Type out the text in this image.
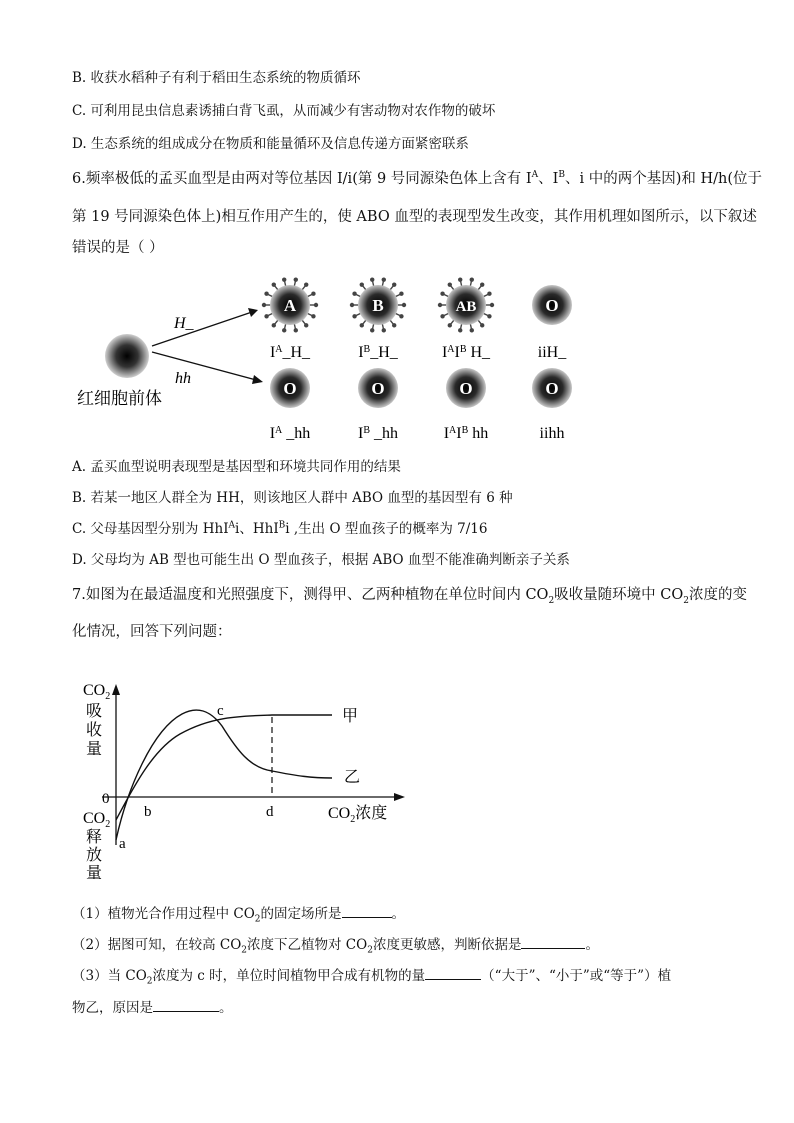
B. 收获水稻种子有利于稻田生态系统的物质循环
C. 可利用昆虫信息素诱捕白背飞虱，从而减少有害动物对农作物的破坏
D. 生态系统的组成成分在物质和能量循环及信息传递方面紧密联系
6.频率极低的孟买血型是由两对等位基因 I/i(第 9 号同源染色体上含有 $I^A$、$I^B$、i 中的两个基因)和 H/h(位于
第 19 号同源染色体上)相互作用产生的，使 ABO 血型的表现型发生改变，其作用机理如图所示，以下叙述
错误的是（ ）
红细胞前体
H_
hh
A
$I^A\_H\_$
B
$I^B\_H\_$
AB
$I^AI^B$ H_
O
iiH_
O
$I^A$ _hh
O
$I^B$ _hh
O
$I^AI^B$ hh
O
iihh
A. 孟买血型说明表现型是基因型和环境共同作用的结果
B. 若某一地区人群全为 HH，则该地区人群中 ABO 血型的基因型有 6 种
C. 父母基因型分别为 HhI$^A$i、HhI$^B$i ,生出 O 型血孩子的概率为 7/16
D. 父母均为 AB 型也可能生出 O 型血孩子，根据 ABO 血型不能准确判断亲子关系
7.如图为在最适温度和光照强度下，测得甲、乙两种植物在单位时间内 $CO_2$吸收量随环境中 $CO_2$浓度的变
化情况，回答下列问题：
$CO_2$
吸
收
量
0
$CO_2$
释
放
量
$CO_2$浓度
甲
乙
a
b
c
d
（1）植物光合作用过程中 $CO_2$的固定场所是	。
（2）据图可知，在较高 $CO_2$浓度下乙植物对 $CO_2$浓度更敏感，判断依据是	。
（3）当 $CO_2$浓度为 c 时，单位时间植物甲合成有机物的量	（“大于”、“小于”或“等于”）植
物乙，原因是	。
